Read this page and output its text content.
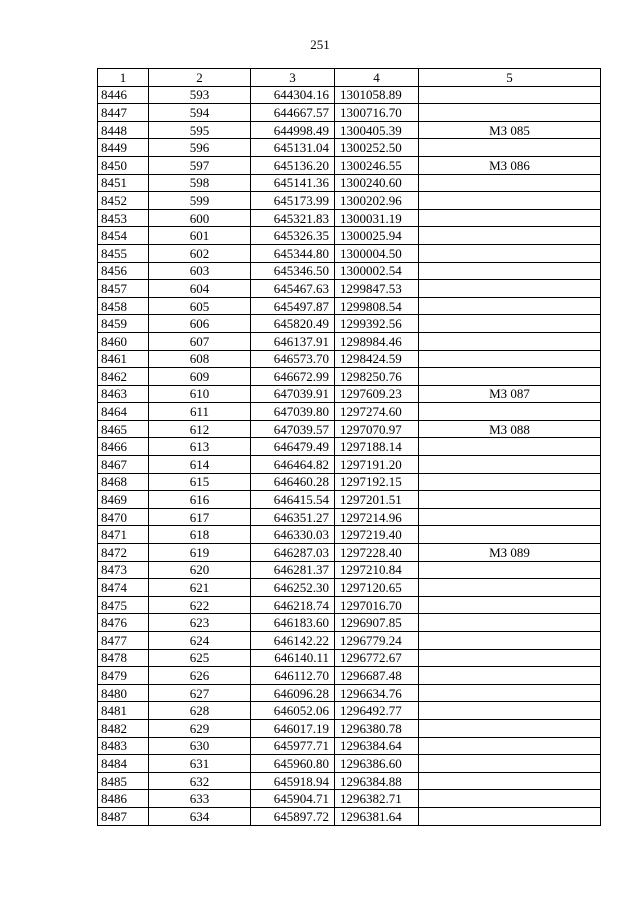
251
1	2	3	4	5
8446	593	644304.16	1301058.89	
8447	594	644667.57	1300716.70	
8448	595	644998.49	1300405.39	МЗ 085
8449	596	645131.04	1300252.50	
8450	597	645136.20	1300246.55	МЗ 086
8451	598	645141.36	1300240.60	
8452	599	645173.99	1300202.96	
8453	600	645321.83	1300031.19	
8454	601	645326.35	1300025.94	
8455	602	645344.80	1300004.50	
8456	603	645346.50	1300002.54	
8457	604	645467.63	1299847.53	
8458	605	645497.87	1299808.54	
8459	606	645820.49	1299392.56	
8460	607	646137.91	1298984.46	
8461	608	646573.70	1298424.59	
8462	609	646672.99	1298250.76	
8463	610	647039.91	1297609.23	МЗ 087
8464	611	647039.80	1297274.60	
8465	612	647039.57	1297070.97	МЗ 088
8466	613	646479.49	1297188.14	
8467	614	646464.82	1297191.20	
8468	615	646460.28	1297192.15	
8469	616	646415.54	1297201.51	
8470	617	646351.27	1297214.96	
8471	618	646330.03	1297219.40	
8472	619	646287.03	1297228.40	МЗ 089
8473	620	646281.37	1297210.84	
8474	621	646252.30	1297120.65	
8475	622	646218.74	1297016.70	
8476	623	646183.60	1296907.85	
8477	624	646142.22	1296779.24	
8478	625	646140.11	1296772.67	
8479	626	646112.70	1296687.48	
8480	627	646096.28	1296634.76	
8481	628	646052.06	1296492.77	
8482	629	646017.19	1296380.78	
8483	630	645977.71	1296384.64	
8484	631	645960.80	1296386.60	
8485	632	645918.94	1296384.88	
8486	633	645904.71	1296382.71	
8487	634	645897.72	1296381.64	
